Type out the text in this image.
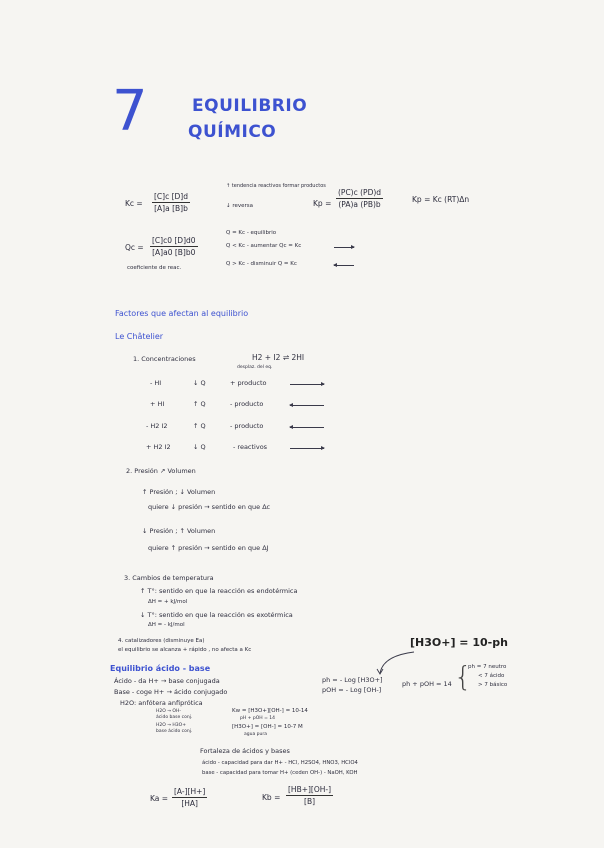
7	EQUILIBRIO
QUÍMICO
$Kc = \frac{[C]c [D]d}{[A]a [B]b}$
↑ tendencia reactivos formar productos
↓ reversa	$Kp = \frac{(PC)c (PD)d}{(PA)a (PB)b}$	Kp = Kc (RT)Δn
$Qc = \frac{[C]c0 [D]d0}{[A]a0 [B]b0}$
coeficiente de reac.
Q = Kc - equilibrio
Q < Kc - aumentar Qc = Kc
Q > Kc - disminuir Q = Kc
Factores que afectan al equilibrio
Le Châtelier
1. Concentraciones	H2 + I2 ⇌ 2HI
desplaz. del eq.
- HI	↓ Q	+ producto
+ HI	↑ Q	- producto
- H2 I2	↑ Q	- producto
+ H2 I2	↓ Q	- reactivos
2. Presión ↗ Volumen
↑ Presión ; ↓ Volumen
quiere ↓ presión → sentido en que ∆c
↓ Presión ; ↑ Volumen
quiere ↑ presión → sentido en que ∆J
3. Cambios de temperatura
↑ T°: sentido en que la reacción es endotérmica
ΔH = + kJ/mol
↓ T°: sentido en que la reacción es exotérmica
ΔH = - kJ/mol
4. catalizadores (disminuye Ea)
el equilibrio se alcanza + rápido , no afecta a Kc
[H3O+] = 10-ph
Equilibrio ácido - base
Ácido - da H+ → base conjugada
Base - coge H+ → ácido conjugado
H2O: anfótera anfiprótica
H2O → OH-
ácido base conj.
H2O → H3O+
base ácido conj.
Kw = [H3O+][OH-] = 10-14
pH + pOH = 14
[H3O+] = [OH-] = 10-7 M
agua pura
ph = - Log [H3O+]
pOH = - Log [OH-]
ph + pOH = 14 {
ph = 7 neutro
< 7 ácido
> 7 básico
Fortaleza de ácidos y bases
ácido - capacidad para dar H+ - HCl, H2SO4, HNO3, HClO4
base - capacidad para tomar H+ (ceden OH-) - NaOH, KOH
$Ka = \frac{[A-][H+]}{[HA]}$	$Kb = \frac{[HB+][OH-]}{[B]}$
